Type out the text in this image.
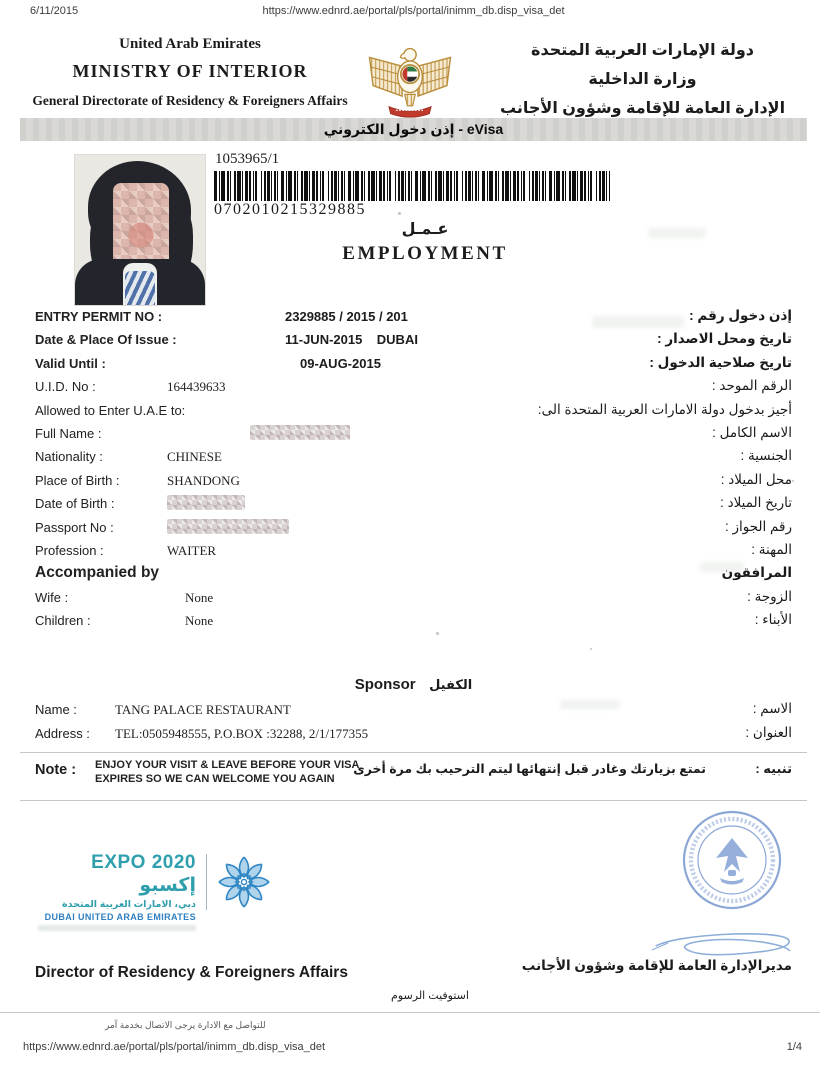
6/11/2015	https://www.ednrd.ae/portal/pls/portal/inimm_db.disp_visa_det
United Arab Emirates
MINISTRY OF INTERIOR
General Directorate of Residency & Foreigners Affairs
دولة الإمارات العربية المتحدة
وزارة الداخلية
الإدارة العامة للإقامة وشؤون الأجانب
إذن دخول الكتروني - eVisa
1053965/1
0702010215329885
عـمـل
EMPLOYMENT
ENTRY PERMIT NO :	2329885 / 2015 / 201	إذن دخول رقم :
Date & Place Of Issue :	11-JUN-2015    DUBAI	تاريخ ومحل الاصدار :
Valid Until :	09-AUG-2015	تاريخ صلاحية الدخول :
U.I.D. No :	164439633	الرقم الموحد :
Allowed to Enter U.A.E to:	أجيز بدخول دولة الامارات العربية المتحدة الى:
Full Name :	الاسم الكامل :
Nationality :	CHINESE	الجنسية :
Place of Birth :	SHANDONG	محل الميلاد :
Date of Birth :	تاريخ الميلاد :
Passport No :	رقم الجواز :
Profession :	WAITER	المهنة :
Accompanied by	المرافقون
Wife :	None	الزوجة :
Children :	None	الأبناء :
Sponsor الكفيل
Name :	TANG PALACE RESTAURANT	الاسم :
Address : TEL:0505948555, P.O.BOX :32288, 2/1/177355	العنوان :
Note : ENJOY YOUR VISIT & LEAVE BEFORE YOUR VISA
EXPIRES SO WE CAN WELCOME YOU AGAIN
تمتع بزيارتك وغادر قبل إنتهائها ليتم الترحيب بك مرة أخرى	تنبيه :
EXPO 2020 إكسبو
دبي، الامارات العربية المتحدة
DUBAI UNITED ARAB EMIRATES
Director of Residency & Foreigners Affairs	مديرالإدارة العامة للإقامة وشؤون الأجانب
استوفيت الرسوم
للتواصل مع الادارة يرجى الاتصال بخدمة آمر
https://www.ednrd.ae/portal/pls/portal/inimm_db.disp_visa_det	1/4
